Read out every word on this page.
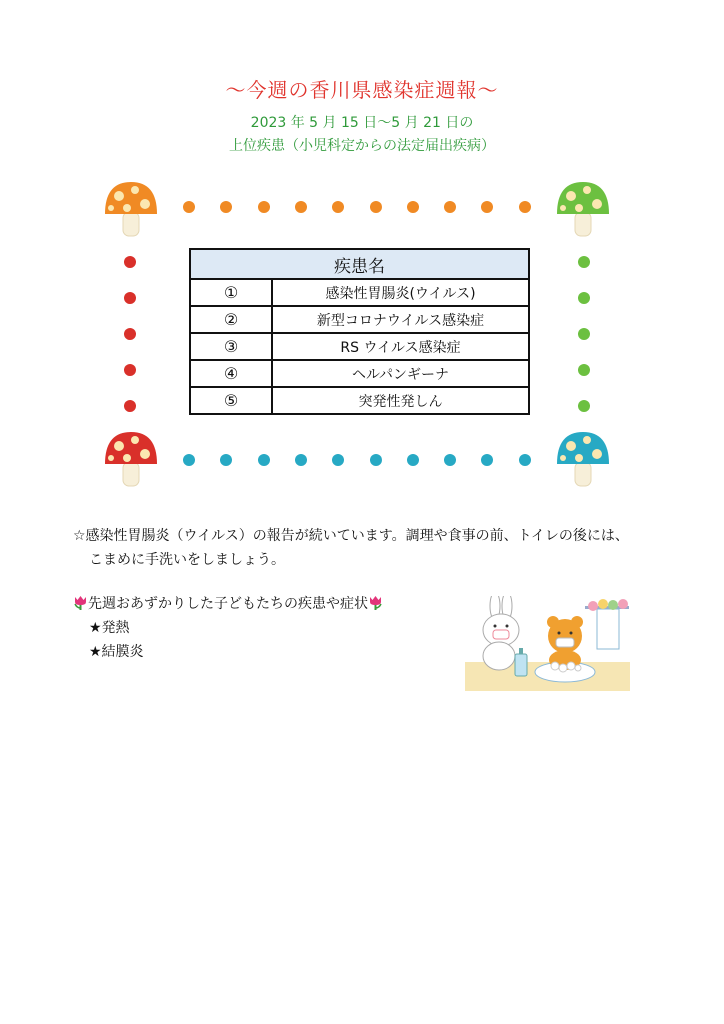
～今週の香川県感染症週報～
2023 年 5 月 15 日～5 月 21 日の
上位疾患（小児科定からの法定届出疾病）
疾患名	
①	感染性胃腸炎(ウイルス)
②	新型コロナウイルス感染症
③	RS ウイルス感染症
④	ヘルパンギーナ
⑤	突発性発しん
☆感染性胃腸炎（ウイルス）の報告が続いています。調理や食事の前、トイレの後には、
こまめに手洗いをしましょう。
先週おあずかりした子どもたちの疾患や症状
★発熱
★結膜炎
